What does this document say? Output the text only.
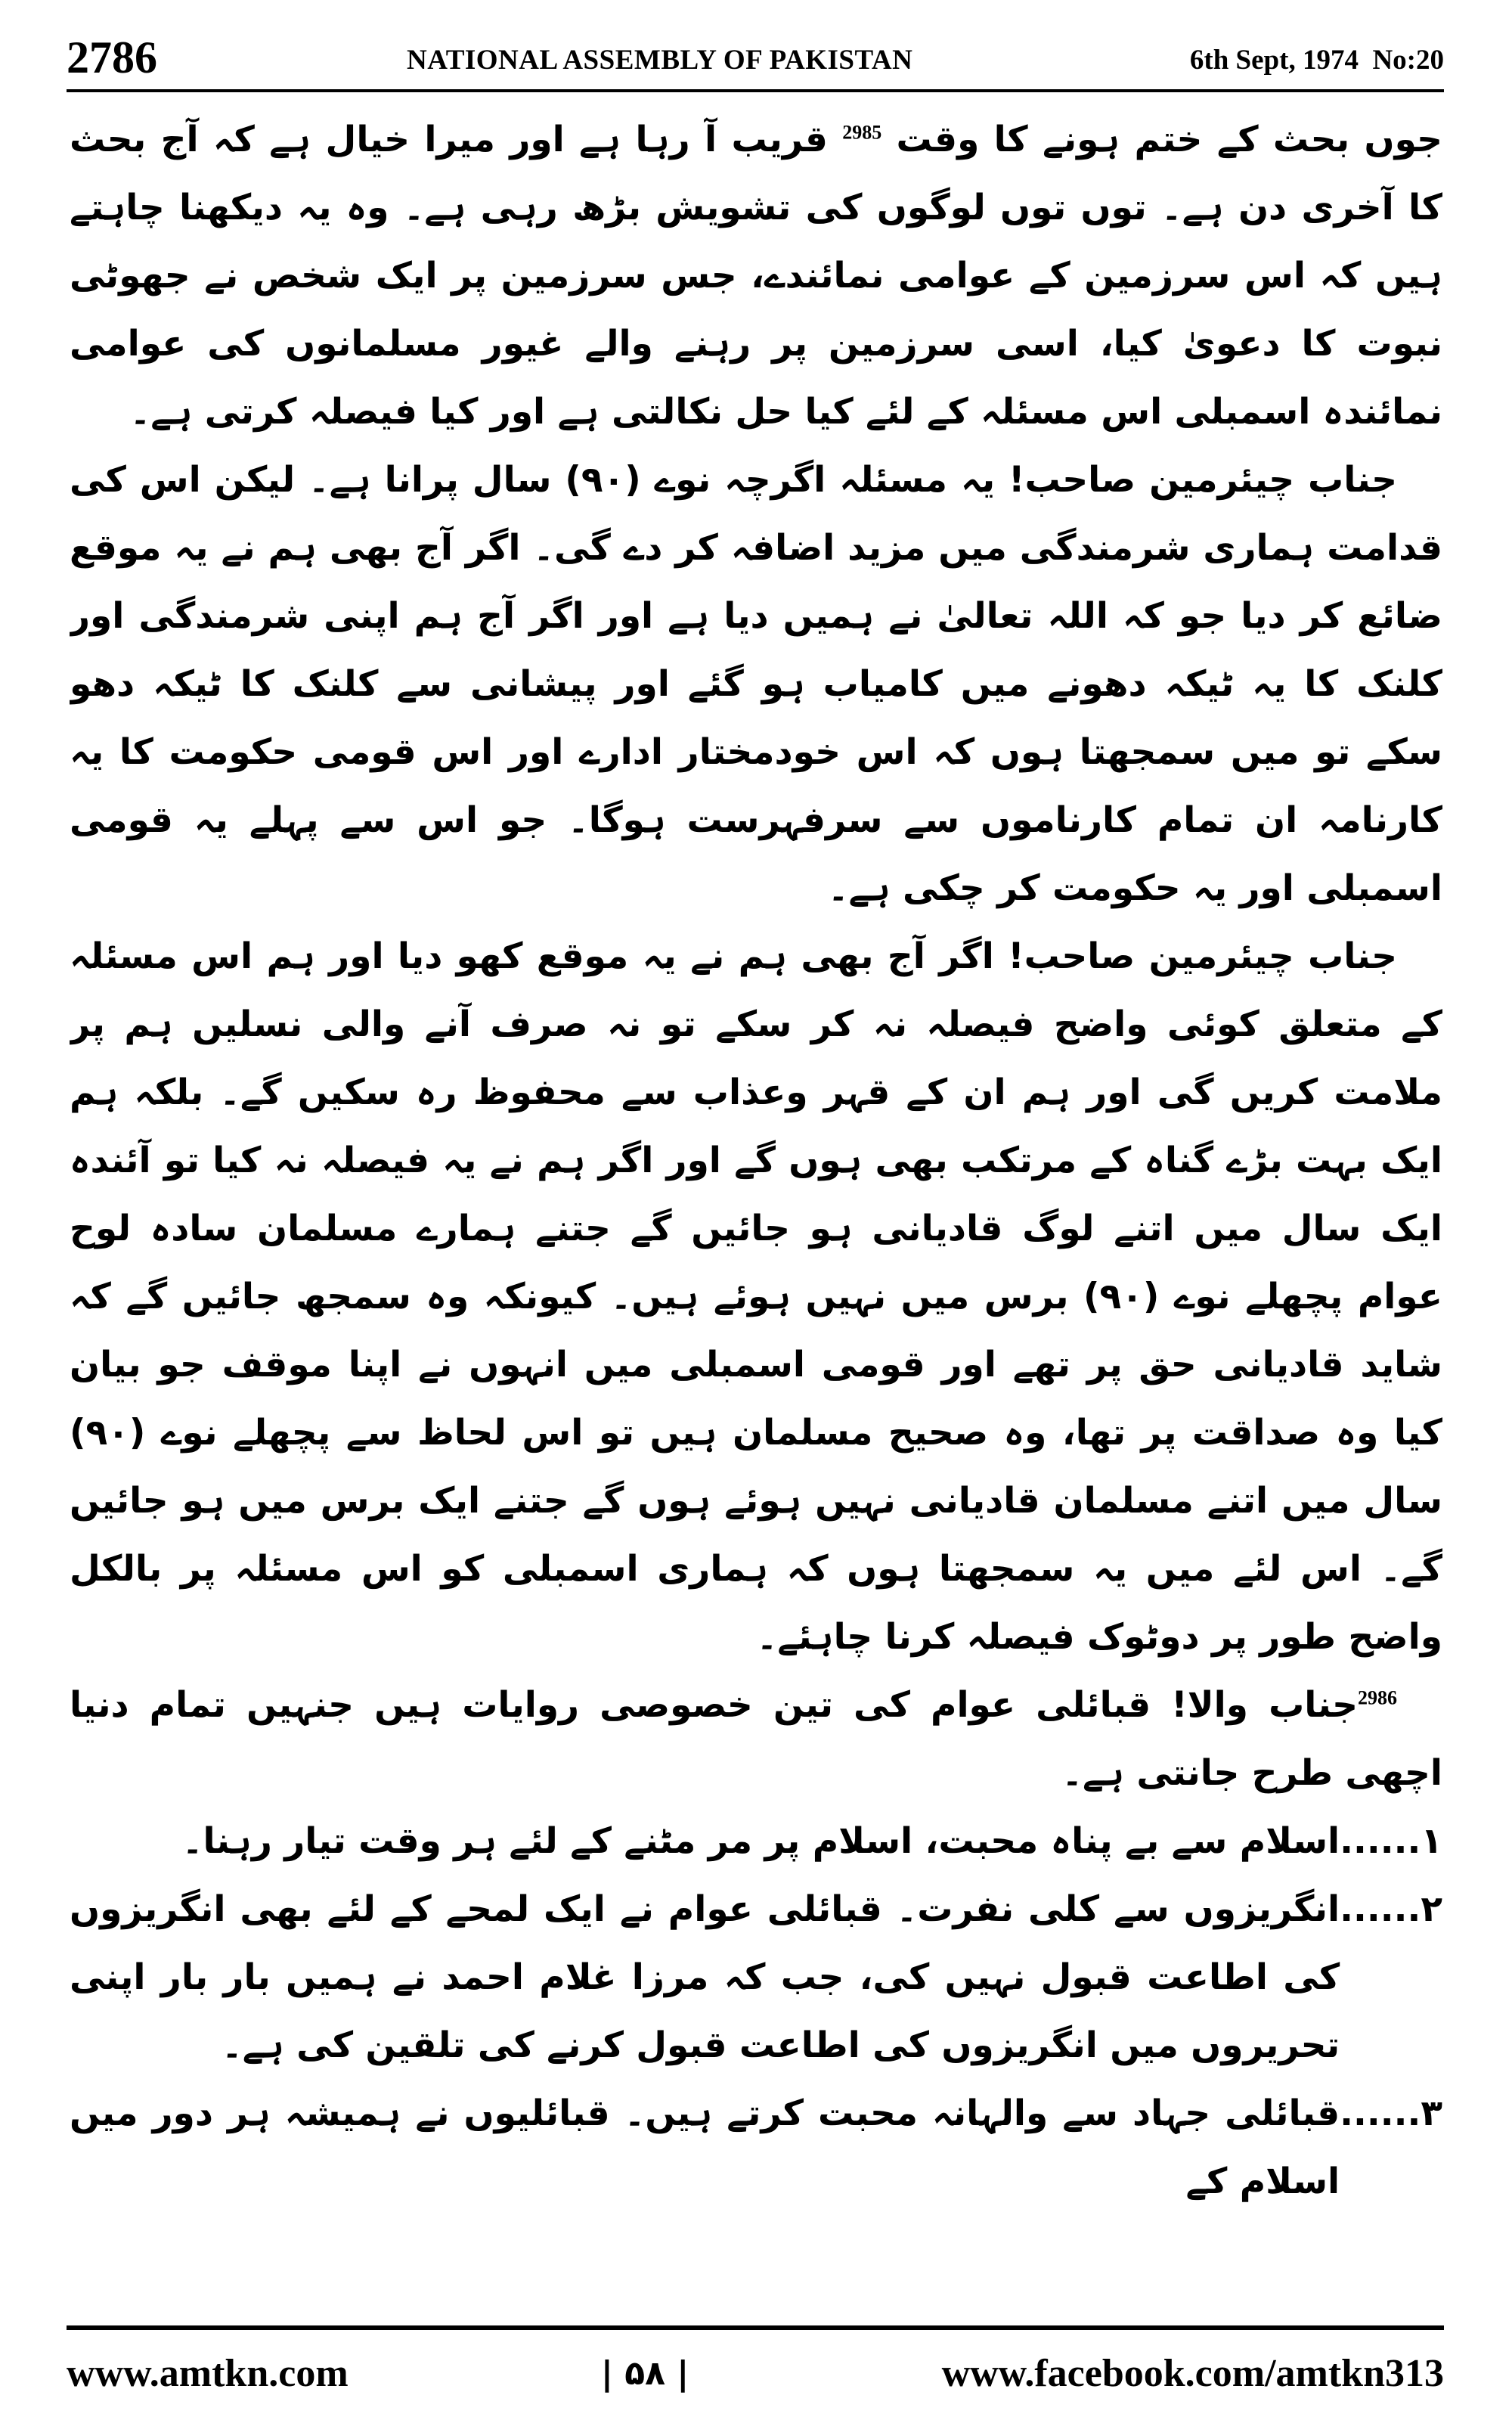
2786	NATIONAL ASSEMBLY OF PAKISTAN	6th Sept, 1974 No:20

جوں بحث کے ختم ہونے کا وقت $^{2985}$ قریب آ رہا ہے اور میرا خیال ہے کہ آج بحث کا آخری دن ہے۔ توں توں لوگوں کی تشویش بڑھ رہی ہے۔ وہ یہ دیکھنا چاہتے ہیں کہ اس سرزمین کے عوامی نمائندے، جس سرزمین پر ایک شخص نے جھوٹی نبوت کا دعویٰ کیا، اسی سرزمین پر رہنے والے غیور مسلمانوں کی عوامی نمائندہ اسمبلی اس مسئلہ کے لئے کیا حل نکالتی ہے اور کیا فیصلہ کرتی ہے۔

جناب چیئرمین صاحب! یہ مسئلہ اگرچہ نوے (۹۰) سال پرانا ہے۔ لیکن اس کی قدامت ہماری شرمندگی میں مزید اضافہ کر دے گی۔ اگر آج بھی ہم نے یہ موقع ضائع کر دیا جو کہ اللہ تعالیٰ نے ہمیں دیا ہے اور اگر آج ہم اپنی شرمندگی اور کلنک کا یہ ٹیکہ دھونے میں کامیاب ہو گئے اور پیشانی سے کلنک کا ٹیکہ دھو سکے تو میں سمجھتا ہوں کہ اس خودمختار ادارے اور اس قومی حکومت کا یہ کارنامہ ان تمام کارناموں سے سرفہرست ہوگا۔ جو اس سے پہلے یہ قومی اسمبلی اور یہ حکومت کر چکی ہے۔

جناب چیئرمین صاحب! اگر آج بھی ہم نے یہ موقع کھو دیا اور ہم اس مسئلہ کے متعلق کوئی واضح فیصلہ نہ کر سکے تو نہ صرف آنے والی نسلیں ہم پر ملامت کریں گی اور ہم ان کے قہر وعذاب سے محفوظ رہ سکیں گے۔ بلکہ ہم ایک بہت بڑے گناہ کے مرتکب بھی ہوں گے اور اگر ہم نے یہ فیصلہ نہ کیا تو آئندہ ایک سال میں اتنے لوگ قادیانی ہو جائیں گے جتنے ہمارے مسلمان سادہ لوح عوام پچھلے نوے (۹۰) برس میں نہیں ہوئے ہیں۔ کیونکہ وہ سمجھ جائیں گے کہ شاید قادیانی حق پر تھے اور قومی اسمبلی میں انہوں نے اپنا موقف جو بیان کیا وہ صداقت پر تھا، وہ صحیح مسلمان ہیں تو اس لحاظ سے پچھلے نوے (۹۰) سال میں اتنے مسلمان قادیانی نہیں ہوئے ہوں گے جتنے ایک برس میں ہو جائیں گے۔ اس لئے میں یہ سمجھتا ہوں کہ ہماری اسمبلی کو اس مسئلہ پر بالکل واضح طور پر دوٹوک فیصلہ کرنا چاہئے۔

$^{2986}$جناب والا! قبائلی عوام کی تین خصوصی روایات ہیں جنہیں تمام دنیا اچھی طرح جانتی ہے۔

۱......
اسلام سے بے پناہ محبت، اسلام پر مر مٹنے کے لئے ہر وقت تیار رہنا۔
۲......
انگریزوں سے کلی نفرت۔ قبائلی عوام نے ایک لمحے کے لئے بھی انگریزوں کی اطاعت قبول نہیں کی، جب کہ مرزا غلام احمد نے ہمیں بار بار اپنی تحریروں میں انگریزوں کی اطاعت قبول کرنے کی تلقین کی ہے۔
۳......
قبائلی جہاد سے والہانہ محبت کرتے ہیں۔ قبائلیوں نے ہمیشہ ہر دور میں اسلام کے
www.amtkn.com	| ۵۸ |	www.facebook.com/amtkn313
